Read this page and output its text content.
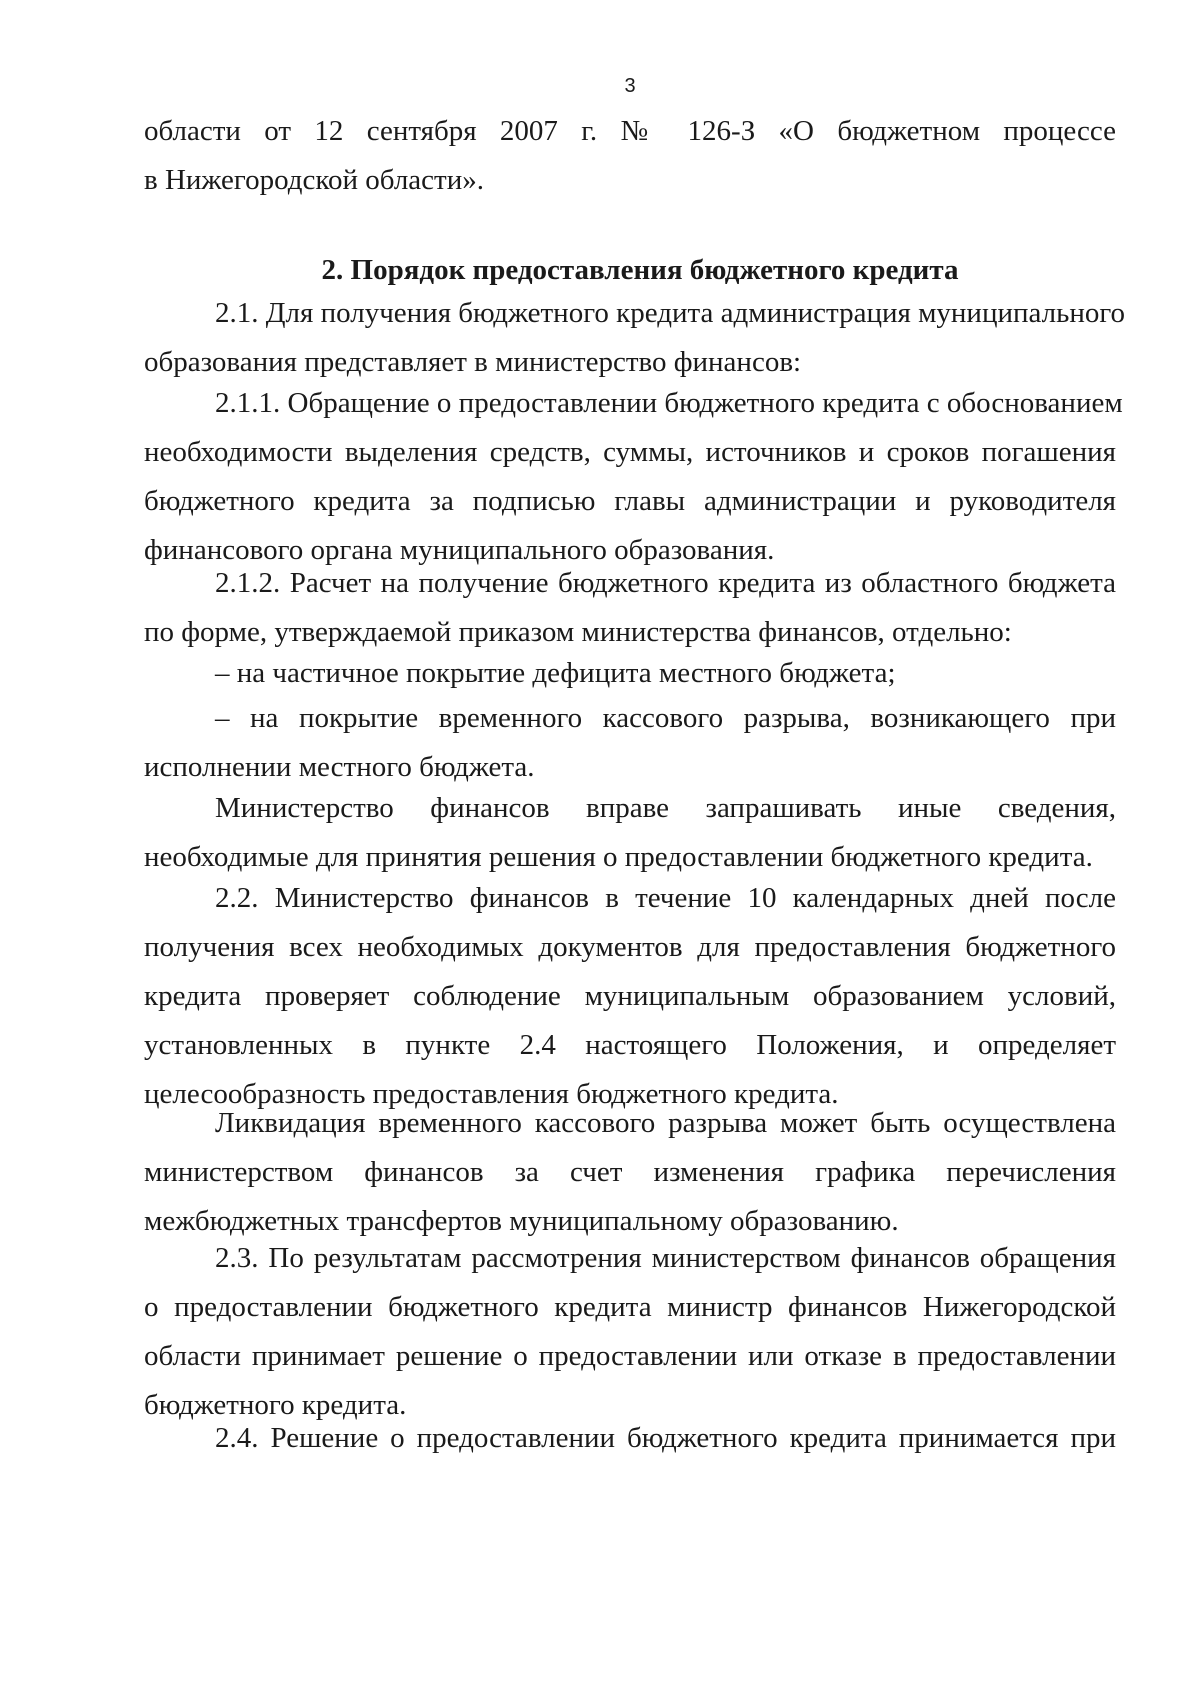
3
области от 12 сентября 2007 г. № 126-З «О бюджетном процессе
в Нижегородской области».
2. Порядок предоставления бюджетного кредита
2.1. Для получения бюджетного кредита администрация муниципального
образования представляет в министерство финансов:
2.1.1. Обращение о предоставлении бюджетного кредита с обоснованием
необходимости выделения средств, суммы, источников и сроков погашения
бюджетного кредита за подписью главы администрации и руководителя
финансового органа муниципального образования.
2.1.2. Расчет на получение бюджетного кредита из областного бюджета
по форме, утверждаемой приказом министерства финансов, отдельно:
– на частичное покрытие дефицита местного бюджета;
– на покрытие временного кассового разрыва, возникающего при
исполнении местного бюджета.
Министерство финансов вправе запрашивать иные сведения,
необходимые для принятия решения о предоставлении бюджетного кредита.
2.2. Министерство финансов в течение 10 календарных дней после
получения всех необходимых документов для предоставления бюджетного
кредита проверяет соблюдение муниципальным образованием условий,
установленных в пункте 2.4 настоящего Положения, и определяет
целесообразность предоставления бюджетного кредита.
Ликвидация временного кассового разрыва может быть осуществлена
министерством финансов за счет изменения графика перечисления
межбюджетных трансфертов муниципальному образованию.
2.3. По результатам рассмотрения министерством финансов обращения
о предоставлении бюджетного кредита министр финансов Нижегородской
области принимает решение о предоставлении или отказе в предоставлении
бюджетного кредита.
2.4. Решение о предоставлении бюджетного кредита принимается при
